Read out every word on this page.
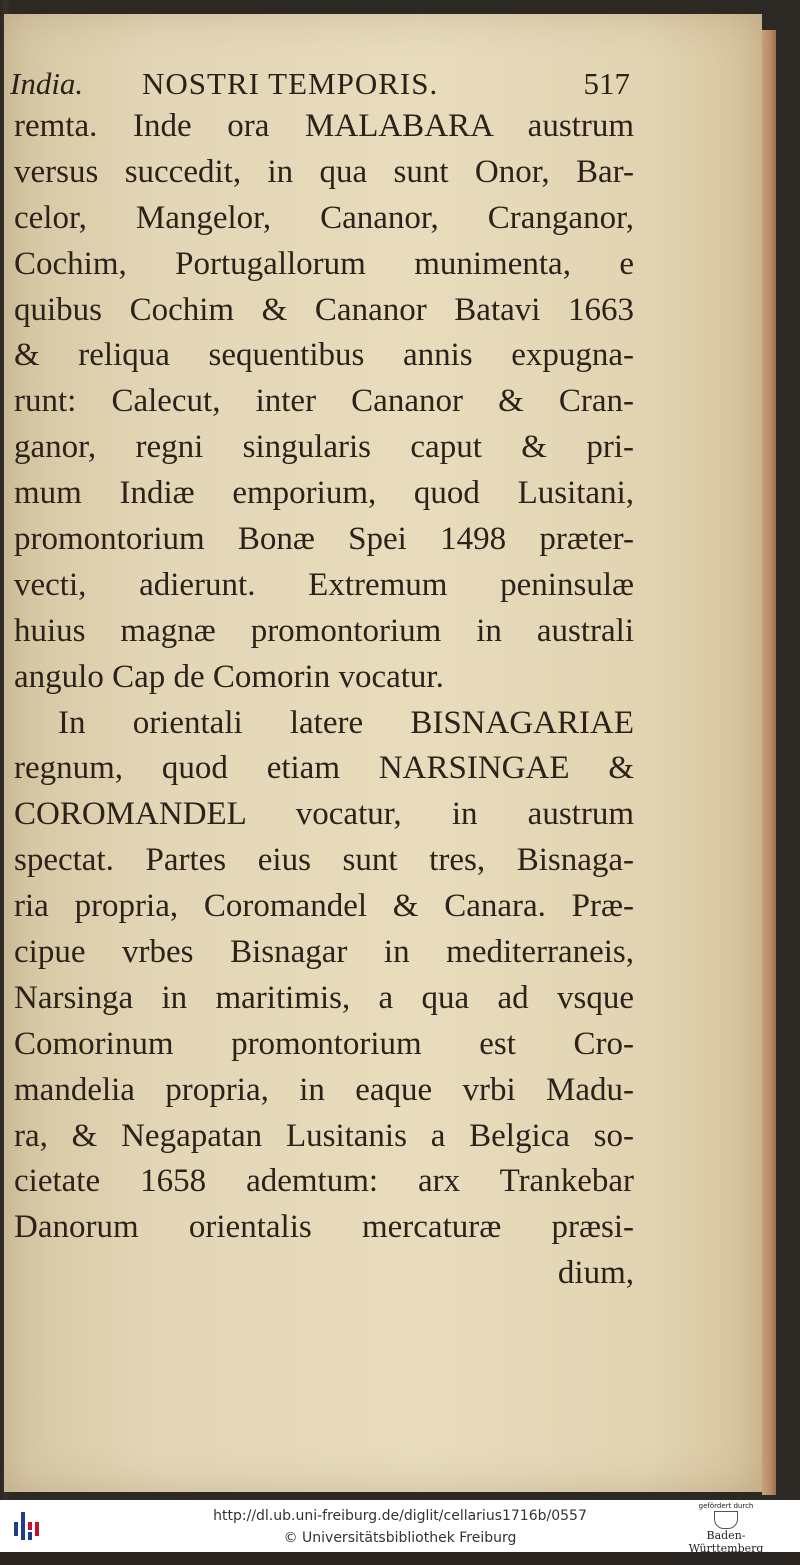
India. NOSTRI TEMPORIS.	517
remta. Inde ora MALABARA austrum
versus succedit, in qua sunt Onor, Bar-
celor, Mangelor, Cananor, Cranganor,
Cochim, Portugallorum munimenta, e
quibus Cochim & Cananor Batavi 1663
& reliqua sequentibus annis expugna-
runt: Calecut, inter Cananor & Cran-
ganor, regni singularis caput & pri-
mum Indiæ emporium, quod Lusitani,
promontorium Bonæ Spei 1498 præter-
vecti, adierunt. Extremum peninsulæ
huius magnæ promontorium in australi
angulo Cap de Comorin vocatur.
In orientali latere BISNAGARIAE
regnum, quod etiam NARSINGAE &
COROMANDEL vocatur, in austrum
spectat. Partes eius sunt tres, Bisnaga-
ria propria, Coromandel & Canara. Præ-
cipue vrbes Bisnagar in mediterraneis,
Narsinga in maritimis, a qua ad vsque
Comorinum promontorium est Cro-
mandelia propria, in eaque vrbi Madu-
ra, & Negapatan Lusitanis a Belgica so-
cietate 1658 ademtum: arx Trankebar
Danorum orientalis mercaturæ præsi-
dium,
http://dl.ub.uni-freiburg.de/diglit/cellarius1716b/0557
© Universitätsbibliothek Freiburg
gefördert durch
Baden-Württemberg
MINISTERIUM FÜR WISSENSCHAFT, FORSCHUNG UND KUNST
